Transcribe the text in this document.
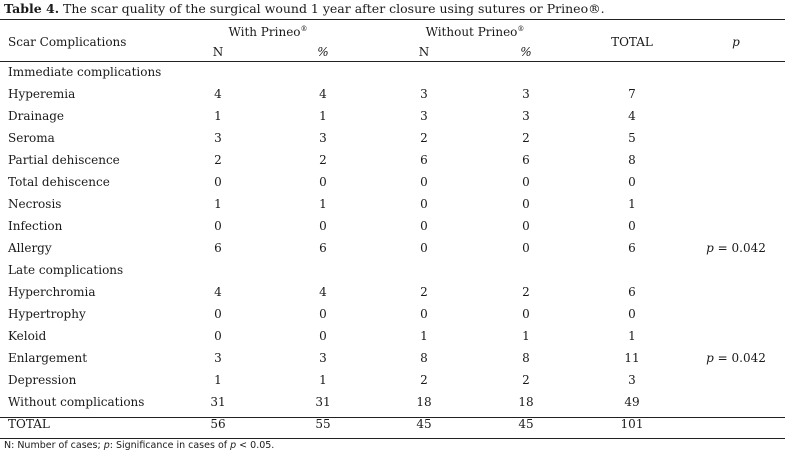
Table 4. The scar quality of the surgical wound 1 year after closure using sutures or Prineo®.
Scar Complications	With Prineo®		Without Prineo®		TOTAL	p
	N	%	N	%		
Immediate complications						
Hyperemia	4	4	3	3	7	
Drainage	1	1	3	3	4	
Seroma	3	3	2	2	5	
Partial dehiscence	2	2	6	6	8	
Total dehiscence	0	0	0	0	0	
Necrosis	1	1	0	0	1	
Infection	0	0	0	0	0	
Allergy	6	6	0	0	6	p = 0.042
Late complications						
Hyperchromia	4	4	2	2	6	
Hypertrophy	0	0	0	0	0	
Keloid	0	0	1	1	1	
Enlargement	3	3	8	8	11	p = 0.042
Depression	1	1	2	2	3	
Without complications	31	31	18	18	49	
TOTAL	56	55	45	45	101	
N: Number of cases; p: Significance in cases of p < 0.05.
